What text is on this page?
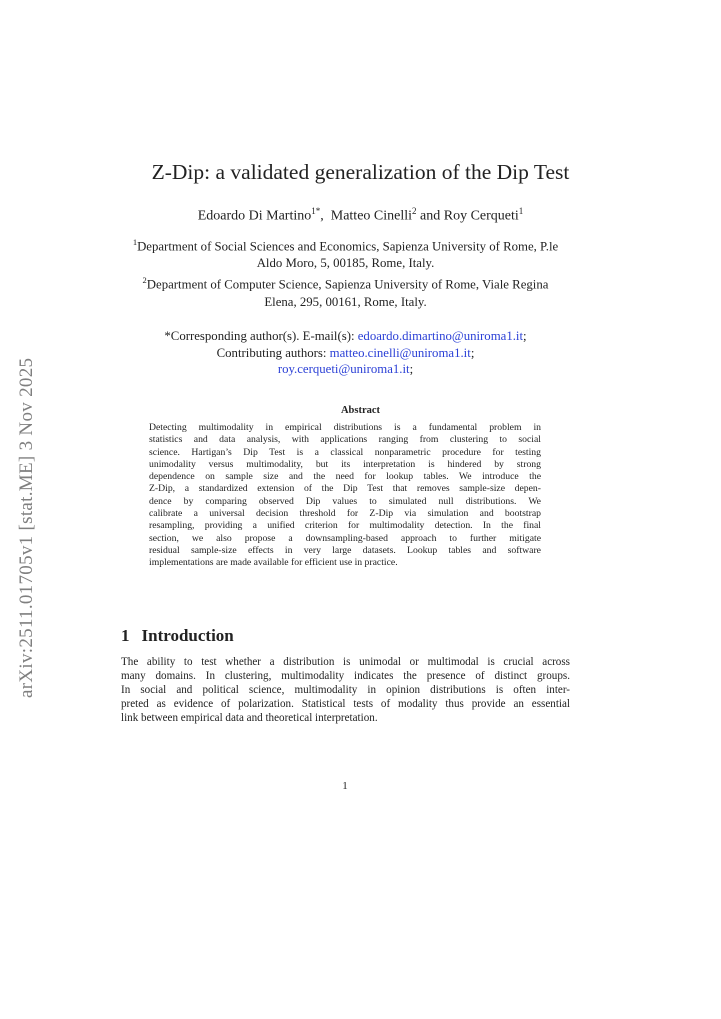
arXiv:2511.01705v1 [stat.ME] 3 Nov 2025
Z-Dip: a validated generalization of the Dip Test
Edoardo Di Martino$^{1*}$,  Matteo Cinelli$^2$ and Roy Cerqueti$^1$

$^1$Department of Social Sciences and Economics, Sapienza University of Rome, P.le Aldo Moro, 5, 00185, Rome, Italy.

$^2$Department of Computer Science, Sapienza University of Rome, Viale Regina Elena, 295, 00161, Rome, Italy.

*Corresponding author(s). E-mail(s): edoardo.dimartino@uniroma1.it;
Contributing authors: matteo.cinelli@uniroma1.it;
roy.cerqueti@uniroma1.it;
Abstract
Detecting multimodality in empirical distributions is a fundamental problem in
statistics and data analysis, with applications ranging from clustering to social
science. Hartigan’s Dip Test is a classical nonparametric procedure for testing
unimodality versus multimodality, but its interpretation is hindered by strong
dependence on sample size and the need for lookup tables. We introduce the
Z-Dip, a standardized extension of the Dip Test that removes sample-size depen-
dence by comparing observed Dip values to simulated null distributions. We
calibrate a universal decision threshold for Z-Dip via simulation and bootstrap
resampling, providing a unified criterion for multimodality detection. In the final
section, we also propose a downsampling-based approach to further mitigate
residual sample-size effects in very large datasets. Lookup tables and software
implementations are made available for efficient use in practice.
1 Introduction
The ability to test whether a distribution is unimodal or multimodal is crucial across
many domains. In clustering, multimodality indicates the presence of distinct groups.
In social and political science, multimodality in opinion distributions is often inter-
preted as evidence of polarization. Statistical tests of modality thus provide an essential
link between empirical data and theoretical interpretation.
1
